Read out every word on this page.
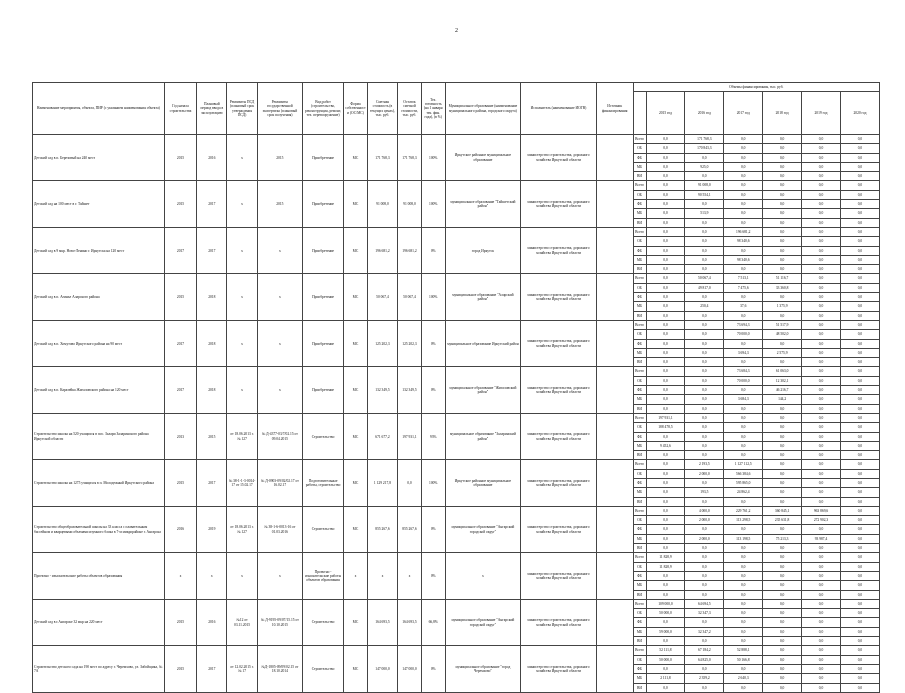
2
Наименование мероприятия, объекта, ПИР (с указанием наименования объекта)	Год начала строительства	Плановый период ввода в эксплуатацию	Реквизиты ПСД (плановый срок утверждения ПСД)	Реквизиты государственной экспертизы (плановый срок получения)	Вид работ (строительство, реконструкция, ремонт, тех. перевооружение)	Форма собственности (ОС/МС)	Сметная стоимость (в текущих ценах), тыс. руб.	Остаток сметной стоимости, тыс. руб.	Тех. готовность (на 1 января тек. фин. года), (в %)	Муниципальное образование (наименование муниципального района, городского округа)	Исполнитель (наименование ИОГВ)	Источник финансирования	Объемы финансирования, тыс. руб.						
														2015 год	2016 год	2017 год	2018 год	2019 год	2020 год
Детский сад в п. Березовый на 240 мест	2015	2016	х	2015	Приобретение	МС	171 768,3	171 768,3	100%	Иркутское районное муниципальное образование	министерство строительства, дорожного хозяйства Иркутской области		Всего	0,0	171 768,3	0,0	0,0	0,0	0,0
													ОБ	0,0	170 843,3	0,0	0,0	0,0	0,0
													ФБ	0,0	0,0	0,0	0,0	0,0	0,0
													МБ	0,0	925,0	0,0	0,0	0,0	0,0
													ВИ	0,0	0,0	0,0	0,0	0,0	0,0
Детский сад на 100 мест в г. Тайшет	2015	2017	х	2015	Приобретение	МС	91 008,0	91 008,0	100%	муниципальное образование "Тайшетский район"	министерство строительства, дорожного хозяйства Иркутской области		Всего	0,0	91 008,0	0,0	0,0	0,0	0,0
													ОБ	0,0	90 554,1	0,0	0,0	0,0	0,0
													ФБ	0,0	0,0	0,0	0,0	0,0	0,0
													МБ	0,0	513,9	0,0	0,0	0,0	0,0
													ВИ	0,0	0,0	0,0	0,0	0,0	0,0
Детский сад в 9 мкр. Ново-Ленино г. Иркутска на 120 мест	2017	2017	х	х	Приобретение	МС	196 681,2	196 681,2	0%	город Иркутск	министерство строительства, дорожного хозяйства Иркутской области		Всего	0,0	0,0	196 681,2	0,0	0,0	0,0
													ОБ	0,0	0,0	98 340,6	0,0	0,0	0,0
													ФБ	0,0	0,0	0,0	0,0	0,0	0,0
													МБ	0,0	0,0	98 340,6	0,0	0,0	0,0
													ВИ	0,0	0,0	0,0	0,0	0,0	0,0
Детский сад в п. Агинье Аларского района	2015	2018	х	х	Приобретение	МС	50 067,4	50 067,4	100%	муниципальное образование "Аларский район"	министерство строительства, дорожного хозяйства Иркутской области		Всего	0,0	50 067,4	7 513,1	51 116,7	0,0	0,0
													ОБ	0,0	49 817,0	7 475,6	33 360,8	0,0	0,0
													ФБ	0,0	0,0	0,0	0,0	0,0	0,0
													МБ	0,0	250,4	37,6	1 375,9	0,0	0,0
													ВИ	0,0	0,0	0,0	0,0	0,0	0,0
Детский сад в п. Хомутово Иркутского района на 90 мест	2017	2018	х	х	Приобретение	МС	125 202,3	125 202,3	0%	муниципальное образование Иркутский район	министерство строительства, дорожного хозяйства Иркутской области		Всего	0,0	0,0	73 694,3	51 517,9	0,0	0,0
													ОБ	0,0	0,0	70 000,0	48 502,0	0,0	0,0
													ФБ	0,0	0,0	0,0	0,0	0,0	0,0
													МБ	0,0	0,0	3 694,3	2 575,9	0,0	0,0
													ВИ	0,0	0,0	0,0	0,0	0,0	0,0
Детский сад в п. Каразейка Жигаловского района на 120 мест	2017	2018	х	х	Приобретение	МС	132 349,5	132 349,5	0%	муниципальное образование "Жигаловский район"	министерство строительства, дорожного хозяйства Иркутской области		Всего	0,0	0,0	73 684,3	61 063,0	0,0	0,0
													ОБ	0,0	0,0	70 000,0	12 302,1	0,0	0,0
													ФБ	0,0	0,0	0,0	46 216,7	0,0	0,0
													МБ	0,0	0,0	3 684,3	144,2	0,0	0,0
													ВИ	0,0	0,0	0,0	0,0	0,0	0,0
Строительство школы на 520 учащихся в пос. Залари Заларинского района Иркутской области	2013	2015	от 18.06.2013 г. № 127	№ Д-4377-03/7/02.15 от 09.04.2015	Строительство	МС	671 677,2	197 931,1	93%	муниципальное образование "Заларинский район"	министерство строительства, дорожного хозяйства Иркутской области		Всего	197 931,1	0,0	0,0	0,0	0,0	0,0
													ОБ	188 478,5	0,0	0,0	0,0	0,0	0,0
													ФБ	0,0	0,0	0,0	0,0	0,0	0,0
													МБ	9 452,6	0,0	0,0	0,0	0,0	0,0
													ВИ	0,0	0,0	0,0	0,0	0,0	0,0
Строительство школы на 1275 учащихся в п. Молодежный Иркутского района	2015	2017	№ 38-1-1-3-0014-17 от 15.02.17	№ Д-0903-09/02/02.17 от 16.02.17	Подготовительные работы, строительство	МС	1 129 217,8	0,0	100%	Иркутское районное муниципальное образование	министерство строительства, дорожного хозяйства Иркутской области		Всего	0,0	2 193,5	1 127 112,5	0,0	0,0	0,0
													ОБ	0,0	2 000,0	566 384,6	0,0	0,0	0,0
													ФБ	0,0	0,0	595 865,0	0,0	0,0	0,0
													МБ	0,0	193,5	24 862,4	0,0	0,0	0,0
													ВИ	0,0	0,0	0,0	0,0	0,0	0,0
Строительство общеобразовательной школы на 33 класса с плавательным бассейном и кварцевыми объемами изумного блока в 7-м микрорайоне г. Ангарска	2016	2019	от 18.06.2013 г. № 127	№ 38-1-6-0013-16 от 01.03.2016	Строительство	МС	855 267,6	855 267,6	0%	муниципальное образование "Ангарский городской округ"	министерство строительства, дорожного хозяйства Иркутской области		Всего	0,0	4 000,0	229 761,2	360 845,1	963 869,6	0,0
													ОБ	0,0	2 000,0	113 298,5	235 631,8	272 902,3	0,0
													ФБ	0,0	0,0	0,0	0,0	0,0	0,0
													МБ	0,0	2 000,0	113 198,5	75 213,3	93 987,4	0,0
													ВИ	0,0	0,0	0,0	0,0	0,0	0,0
Проектно - изыскательские работы объектов образования	х	х	х	х	Проектно - изыскательские работы объектов образования	х	х	х	0%	х	министерство строительства, дорожного хозяйства Иркутской области		Всего	11 828,9	0,0	0,0	0,0	0,0	0,0
													ОБ	11 828,9	0,0	0,0	0,0	0,0	0,0
													ФБ	0,0	0,0	0,0	0,0	0,0	0,0
													МБ	0,0	0,0	0,0	0,0	0,0	0,0
													ВИ	0,0	0,0	0,0	0,0	0,0	0,0
Детский сад в г.Ангарске 32 мкр на 220 мест	2015	2016	№12 от 03.11.2015	№ Д-9195-09/07/15.15 от 10.10.2015	Строительство	МС	164 693,5	164 693,5	66,8%	муниципальное образование "Ангарский городской округ"	министерство строительства, дорожного хозяйства Иркутской области		Всего	109 000,0	64 694,5	0,0	0,0	0,0	0,0
													ОБ	50 000,0	32 347,3	0,0	0,0	0,0	0,0
													ФБ	0,0	0,0	0,0	0,0	0,0	0,0
													МБ	59 000,0	32 347,2	0,0	0,0	0,0	0,0
													ВИ	0,0	0,0	0,0	0,0	0,0	0,0
Строительство детского сада на 190 мест по адресу г. Черемхово, ул. Забойщика, № 7А	2015	2017	от 12.02.2015 г. № 17	№Д-1805-09/09/02.15 от 18.10.2014	Строительство	МС	147 000,0	147 000,0	0%	муниципальное образование "город Черемхово"	министерство строительства, дорожного хозяйства Иркутской области		Всего	52 111,8	67 184,2	52 888,1	0,0	0,0	0,0
													ОБ	50 000,0	64 825,0	50 166,8	0,0	0,0	0,0
													ФБ	0,0	0,0	0,0	0,0	0,0	0,0
													МБ	2 111,8	2 359,2	2 640,3	0,0	0,0	0,0
													ВИ	0,0	0,0	0,0	0,0	0,0	0,0
